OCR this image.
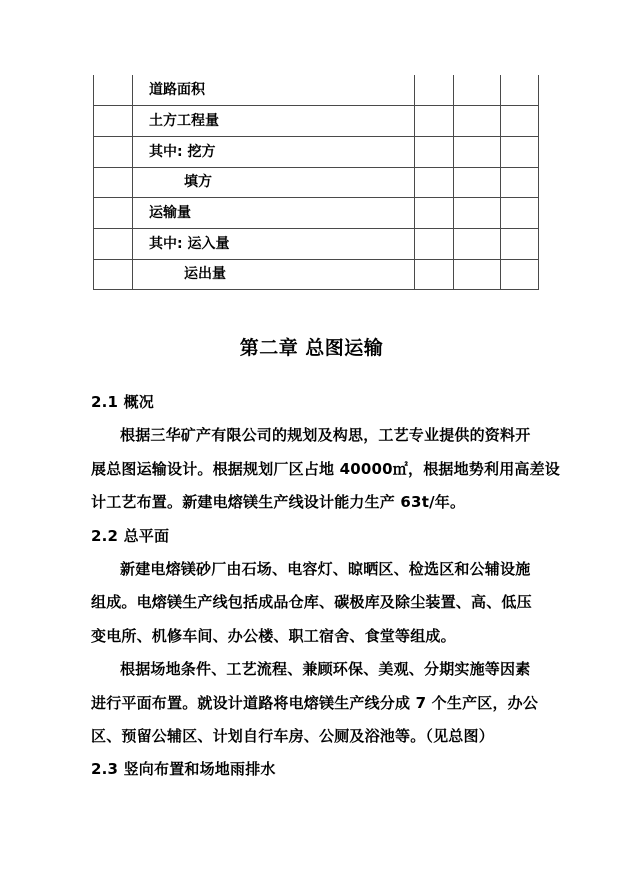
	道路面积			
	土方工程量			
	其中: 挖方			
	填方			
	运输量			
	其中: 运入量			
	运出量			
第二章 总图运输
2.1 概况
根据三华矿产有限公司的规划及构思，工艺专业提供的资料开
展总图运输设计。根据规划厂区占地 40000㎡，根据地势利用高差设
计工艺布置。新建电熔镁生产线设计能力生产 63t/年。
2.2 总平面
新建电熔镁砂厂由石场、电容灯、晾晒区、检选区和公辅设施
组成。电熔镁生产线包括成品仓库、碳极库及除尘装置、高、低压
变电所、机修车间、办公楼、职工宿舍、食堂等组成。
根据场地条件、工艺流程、兼顾环保、美观、分期实施等因素
进行平面布置。就设计道路将电熔镁生产线分成 7 个生产区，办公
区、预留公辅区、计划自行车房、公厕及浴池等。（见总图）
2.3 竖向布置和场地雨排水
